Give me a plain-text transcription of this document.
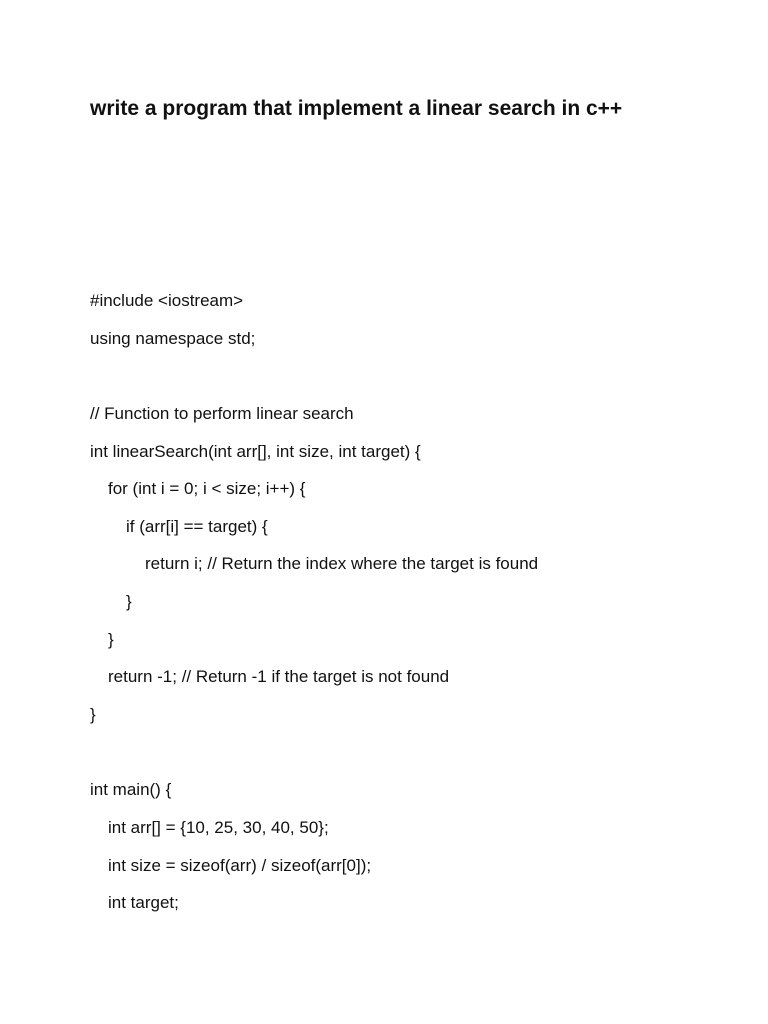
write a program that implement a linear search in c++
#include <iostream>
using namespace std;
// Function to perform linear search
int linearSearch(int arr[], int size, int target) {
for (int i = 0; i < size; i++) {
if (arr[i] == target) {
return i; // Return the index where the target is found
}
}
return -1; // Return -1 if the target is not found
}
int main() {
int arr[] = {10, 25, 30, 40, 50};
int size = sizeof(arr) / sizeof(arr[0]);
int target;
